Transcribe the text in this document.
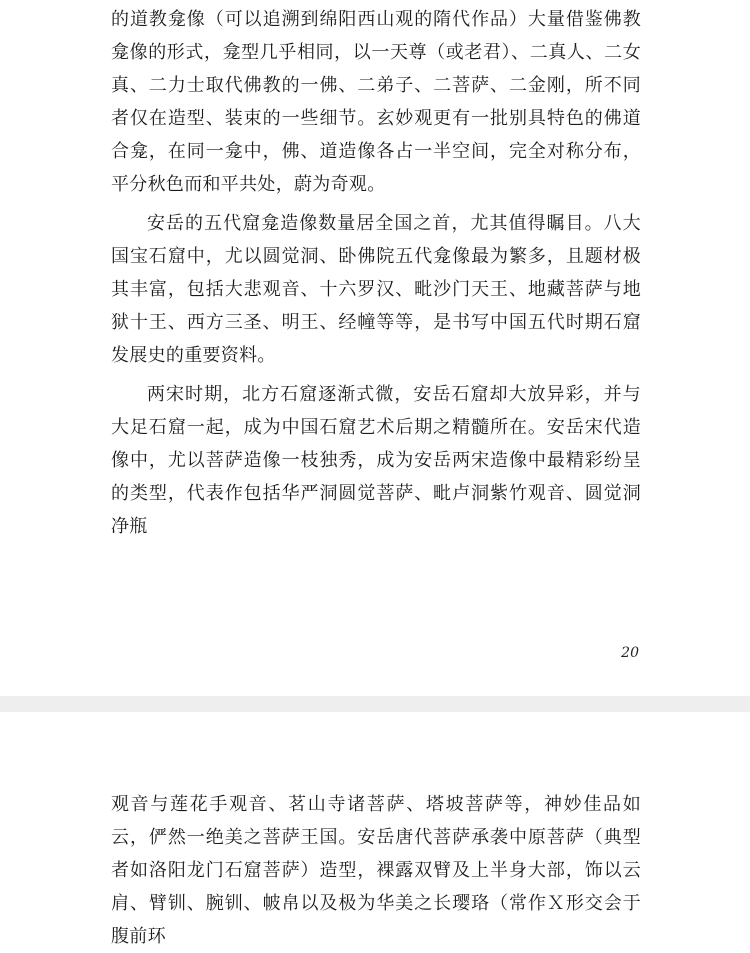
的道教龛像（可以追溯到绵阳西山观的隋代作品）大量借鉴佛教龛像的形式，龛型几乎相同，以一天尊（或老君）、二真人、二女真、二力士取代佛教的一佛、二弟子、二菩萨、二金刚，所不同者仅在造型、装束的一些细节。玄妙观更有一批别具特色的佛道合龛，在同一龛中，佛、道造像各占一半空间，完全对称分布，平分秋色而和平共处，蔚为奇观。

安岳的五代窟龛造像数量居全国之首，尤其值得瞩目。八大国宝石窟中，尤以圆觉洞、卧佛院五代龛像最为繁多，且题材极其丰富，包括大悲观音、十六罗汉、毗沙门天王、地藏菩萨与地狱十王、西方三圣、明王、经幢等等，是书写中国五代时期石窟发展史的重要资料。

两宋时期，北方石窟逐渐式微，安岳石窟却大放异彩，并与大足石窟一起，成为中国石窟艺术后期之精髓所在。安岳宋代造像中，尤以菩萨造像一枝独秀，成为安岳两宋造像中最精彩纷呈的类型，代表作包括华严洞圆觉菩萨、毗卢洞紫竹观音、圆觉洞净瓶

20

观音与莲花手观音、茗山寺诸菩萨、塔坡菩萨等，神妙佳品如云，俨然一绝美之菩萨王国。安岳唐代菩萨承袭中原菩萨（典型者如洛阳龙门石窟菩萨）造型，裸露双臂及上半身大部，饰以云肩、臂钏、腕钏、帔帛以及极为华美之长璎珞（常作Ｘ形交会于腹前环
